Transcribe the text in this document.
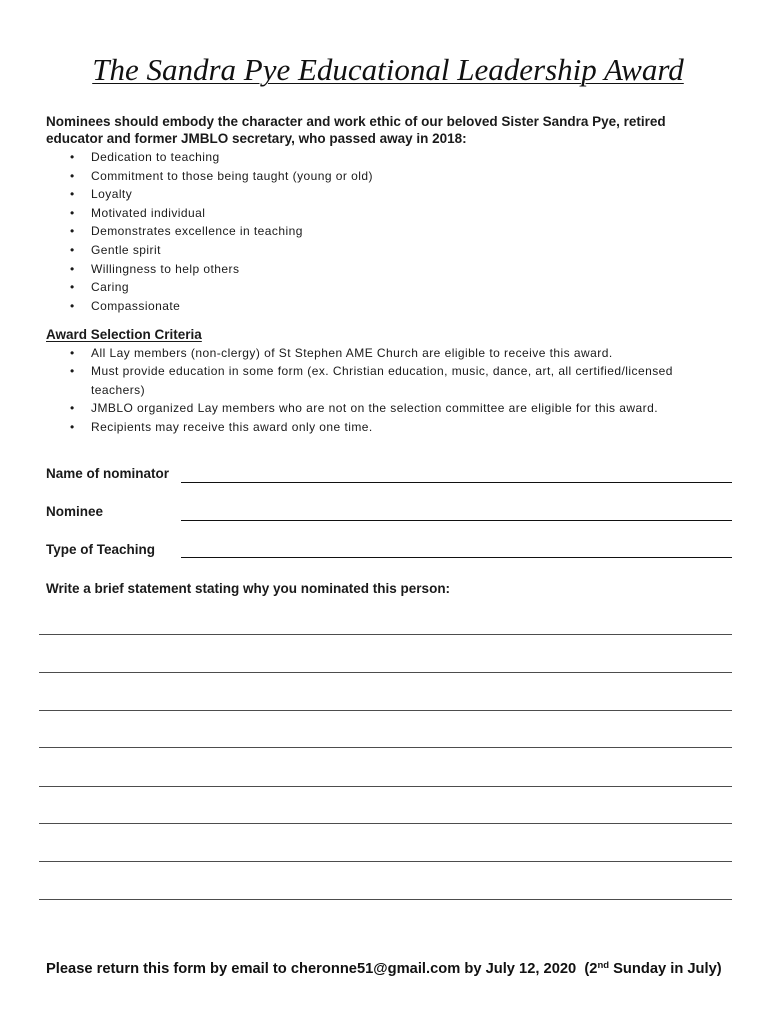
The Sandra Pye Educational Leadership Award

Nominees should embody the character and work ethic of our beloved Sister Sandra Pye, retired educator and former JMBLO secretary, who passed away in 2018:

• Dedication to teaching
• Commitment to those being taught (young or old)
• Loyalty
• Motivated individual
• Demonstrates excellence in teaching
• Gentle spirit
• Willingness to help others
• Caring
• Compassionate
Award Selection Criteria
• All Lay members (non-clergy) of St Stephen AME Church are eligible to receive this award.
• Must provide education in some form (ex. Christian education, music, dance, art, all certified/licensed teachers)
• JMBLO organized Lay members who are not on the selection committee are eligible for this award.
• Recipients may receive this award only one time.
Name of nominator
Nominee
Type of Teaching
Write a brief statement stating why you nominated this person:
Please return this form by email to cheronne51@gmail.com by July 12, 2020  (2nd Sunday in July)
